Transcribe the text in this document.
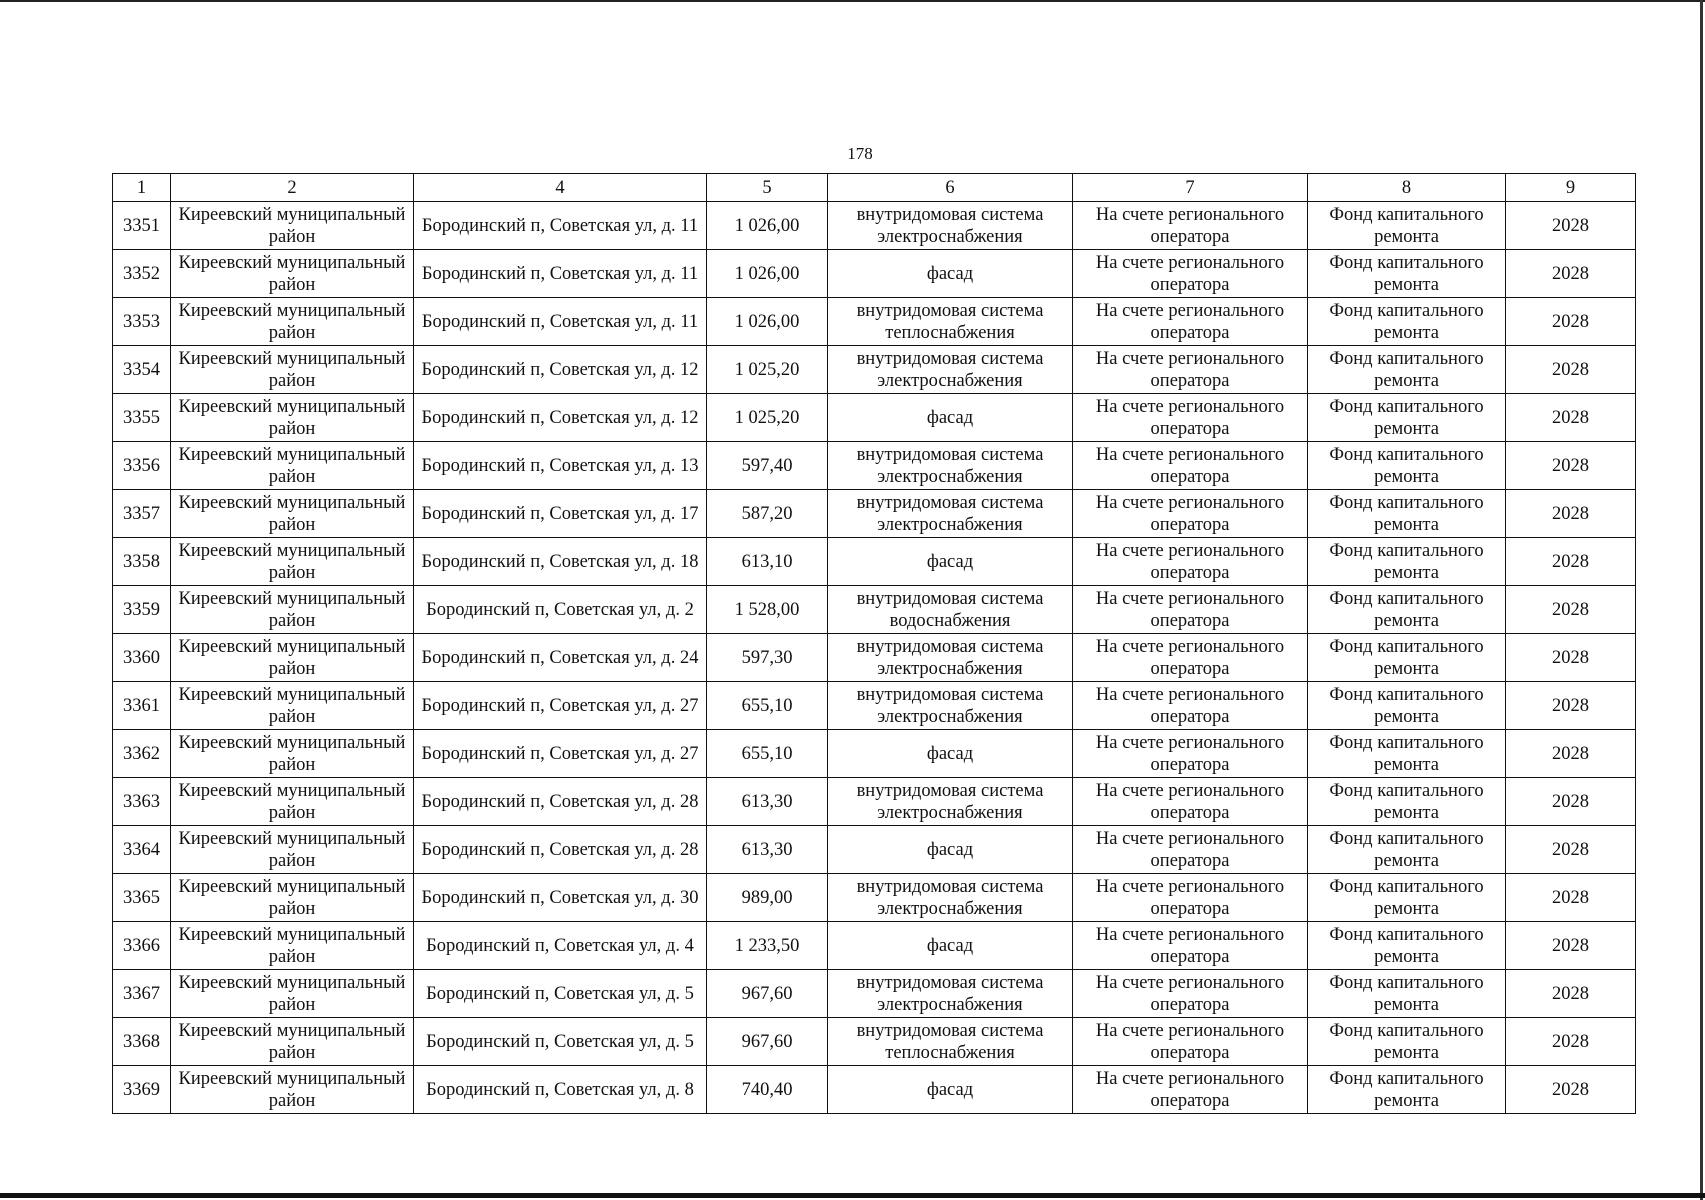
178
1	2	4	5	6	7	8	9
3351	Киреевский муниципальный район	Бородинский п, Советская ул, д. 11	1 026,00	внутридомовая система электроснабжения	На счете регионального оператора	Фонд капитального ремонта	2028
3352	Киреевский муниципальный район	Бородинский п, Советская ул, д. 11	1 026,00	фасад	На счете регионального оператора	Фонд капитального ремонта	2028
3353	Киреевский муниципальный район	Бородинский п, Советская ул, д. 11	1 026,00	внутридомовая система теплоснабжения	На счете регионального оператора	Фонд капитального ремонта	2028
3354	Киреевский муниципальный район	Бородинский п, Советская ул, д. 12	1 025,20	внутридомовая система электроснабжения	На счете регионального оператора	Фонд капитального ремонта	2028
3355	Киреевский муниципальный район	Бородинский п, Советская ул, д. 12	1 025,20	фасад	На счете регионального оператора	Фонд капитального ремонта	2028
3356	Киреевский муниципальный район	Бородинский п, Советская ул, д. 13	597,40	внутридомовая система электроснабжения	На счете регионального оператора	Фонд капитального ремонта	2028
3357	Киреевский муниципальный район	Бородинский п, Советская ул, д. 17	587,20	внутридомовая система электроснабжения	На счете регионального оператора	Фонд капитального ремонта	2028
3358	Киреевский муниципальный район	Бородинский п, Советская ул, д. 18	613,10	фасад	На счете регионального оператора	Фонд капитального ремонта	2028
3359	Киреевский муниципальный район	Бородинский п, Советская ул, д. 2	1 528,00	внутридомовая система водоснабжения	На счете регионального оператора	Фонд капитального ремонта	2028
3360	Киреевский муниципальный район	Бородинский п, Советская ул, д. 24	597,30	внутридомовая система электроснабжения	На счете регионального оператора	Фонд капитального ремонта	2028
3361	Киреевский муниципальный район	Бородинский п, Советская ул, д. 27	655,10	внутридомовая система электроснабжения	На счете регионального оператора	Фонд капитального ремонта	2028
3362	Киреевский муниципальный район	Бородинский п, Советская ул, д. 27	655,10	фасад	На счете регионального оператора	Фонд капитального ремонта	2028
3363	Киреевский муниципальный район	Бородинский п, Советская ул, д. 28	613,30	внутридомовая система электроснабжения	На счете регионального оператора	Фонд капитального ремонта	2028
3364	Киреевский муниципальный район	Бородинский п, Советская ул, д. 28	613,30	фасад	На счете регионального оператора	Фонд капитального ремонта	2028
3365	Киреевский муниципальный район	Бородинский п, Советская ул, д. 30	989,00	внутридомовая система электроснабжения	На счете регионального оператора	Фонд капитального ремонта	2028
3366	Киреевский муниципальный район	Бородинский п, Советская ул, д. 4	1 233,50	фасад	На счете регионального оператора	Фонд капитального ремонта	2028
3367	Киреевский муниципальный район	Бородинский п, Советская ул, д. 5	967,60	внутридомовая система электроснабжения	На счете регионального оператора	Фонд капитального ремонта	2028
3368	Киреевский муниципальный район	Бородинский п, Советская ул, д. 5	967,60	внутридомовая система теплоснабжения	На счете регионального оператора	Фонд капитального ремонта	2028
3369	Киреевский муниципальный район	Бородинский п, Советская ул, д. 8	740,40	фасад	На счете регионального оператора	Фонд капитального ремонта	2028
